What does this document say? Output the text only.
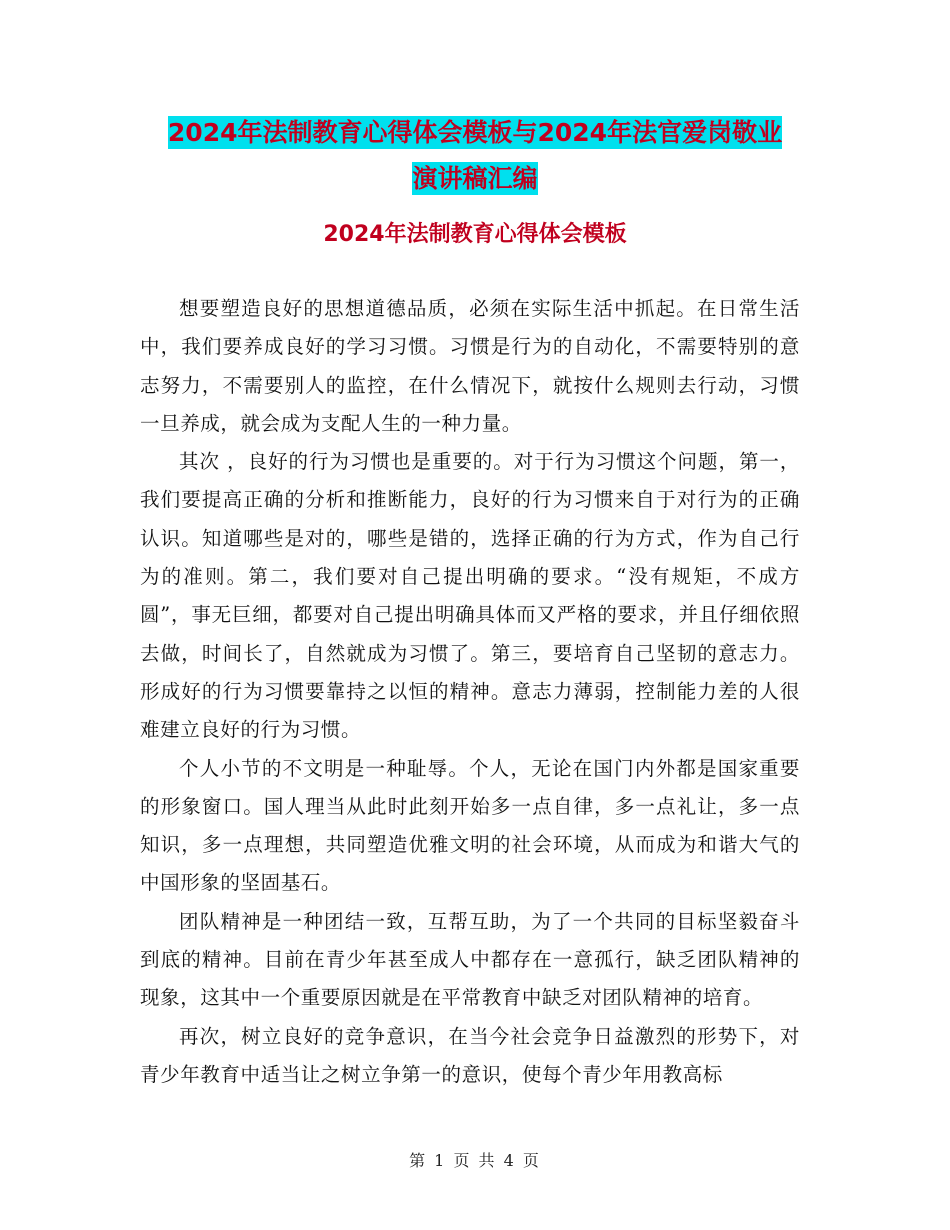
2024年法制教育心得体会模板与2024年法官爱岗敬业
演讲稿汇编
2024年法制教育心得体会模板

想要塑造良好的思想道德品质，必须在实际生活中抓起。在日常生活中，我们要养成良好的学习习惯。习惯是行为的自动化，不需要特别的意志努力，不需要别人的监控，在什么情况下，就按什么规则去行动，习惯一旦养成，就会成为支配人生的一种力量。

其次 ，良好的行为习惯也是重要的。对于行为习惯这个问题，第一，我们要提高正确的分析和推断能力，良好的行为习惯来自于对行为的正确认识。知道哪些是对的，哪些是错的，选择正确的行为方式，作为自己行为的准则。第二，我们要对自己提出明确的要求。“没有规矩，不成方圆”，事无巨细，都要对自己提出明确具体而又严格的要求，并且仔细依照去做，时间长了，自然就成为习惯了。第三，要培育自己坚韧的意志力。形成好的行为习惯要靠持之以恒的精神。意志力薄弱，控制能力差的人很难建立良好的行为习惯。

个人小节的不文明是一种耻辱。个人，无论在国门内外都是国家重要的形象窗口。国人理当从此时此刻开始多一点自律，多一点礼让，多一点知识，多一点理想，共同塑造优雅文明的社会环境，从而成为和谐大气的中国形象的坚固基石。

团队精神是一种团结一致，互帮互助，为了一个共同的目标坚毅奋斗到底的精神。目前在青少年甚至成人中都存在一意孤行，缺乏团队精神的现象，这其中一个重要原因就是在平常教育中缺乏对团队精神的培育。

再次，树立良好的竞争意识，在当今社会竞争日益激烈的形势下，对青少年教育中适当让之树立争第一的意识，使每个青少年用教高标

第 1 页 共 4 页
